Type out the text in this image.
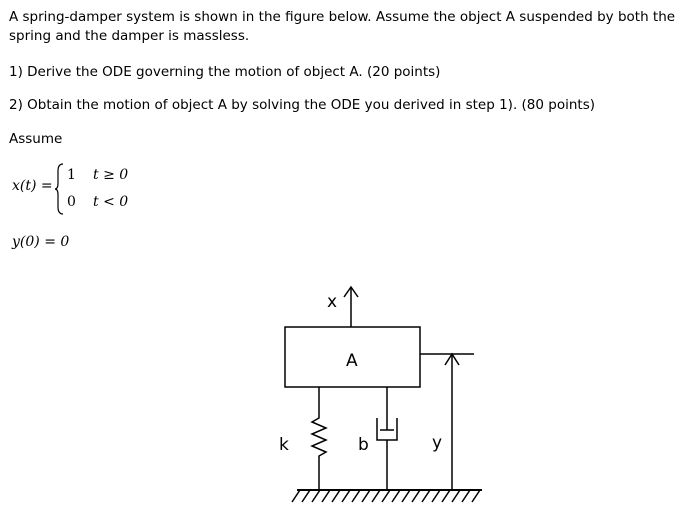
A spring-damper system is shown in the figure below. Assume the object A suspended by both the spring and the damper is massless.
1) Derive the ODE governing the motion of object A. (20 points)
2) Obtain the motion of object A by solving the ODE you derived in step 1). (80 points)
Assume
x(t) =
1 t ≥ 0
0 t < 0
y(0) = 0
x
A
k	b	y
